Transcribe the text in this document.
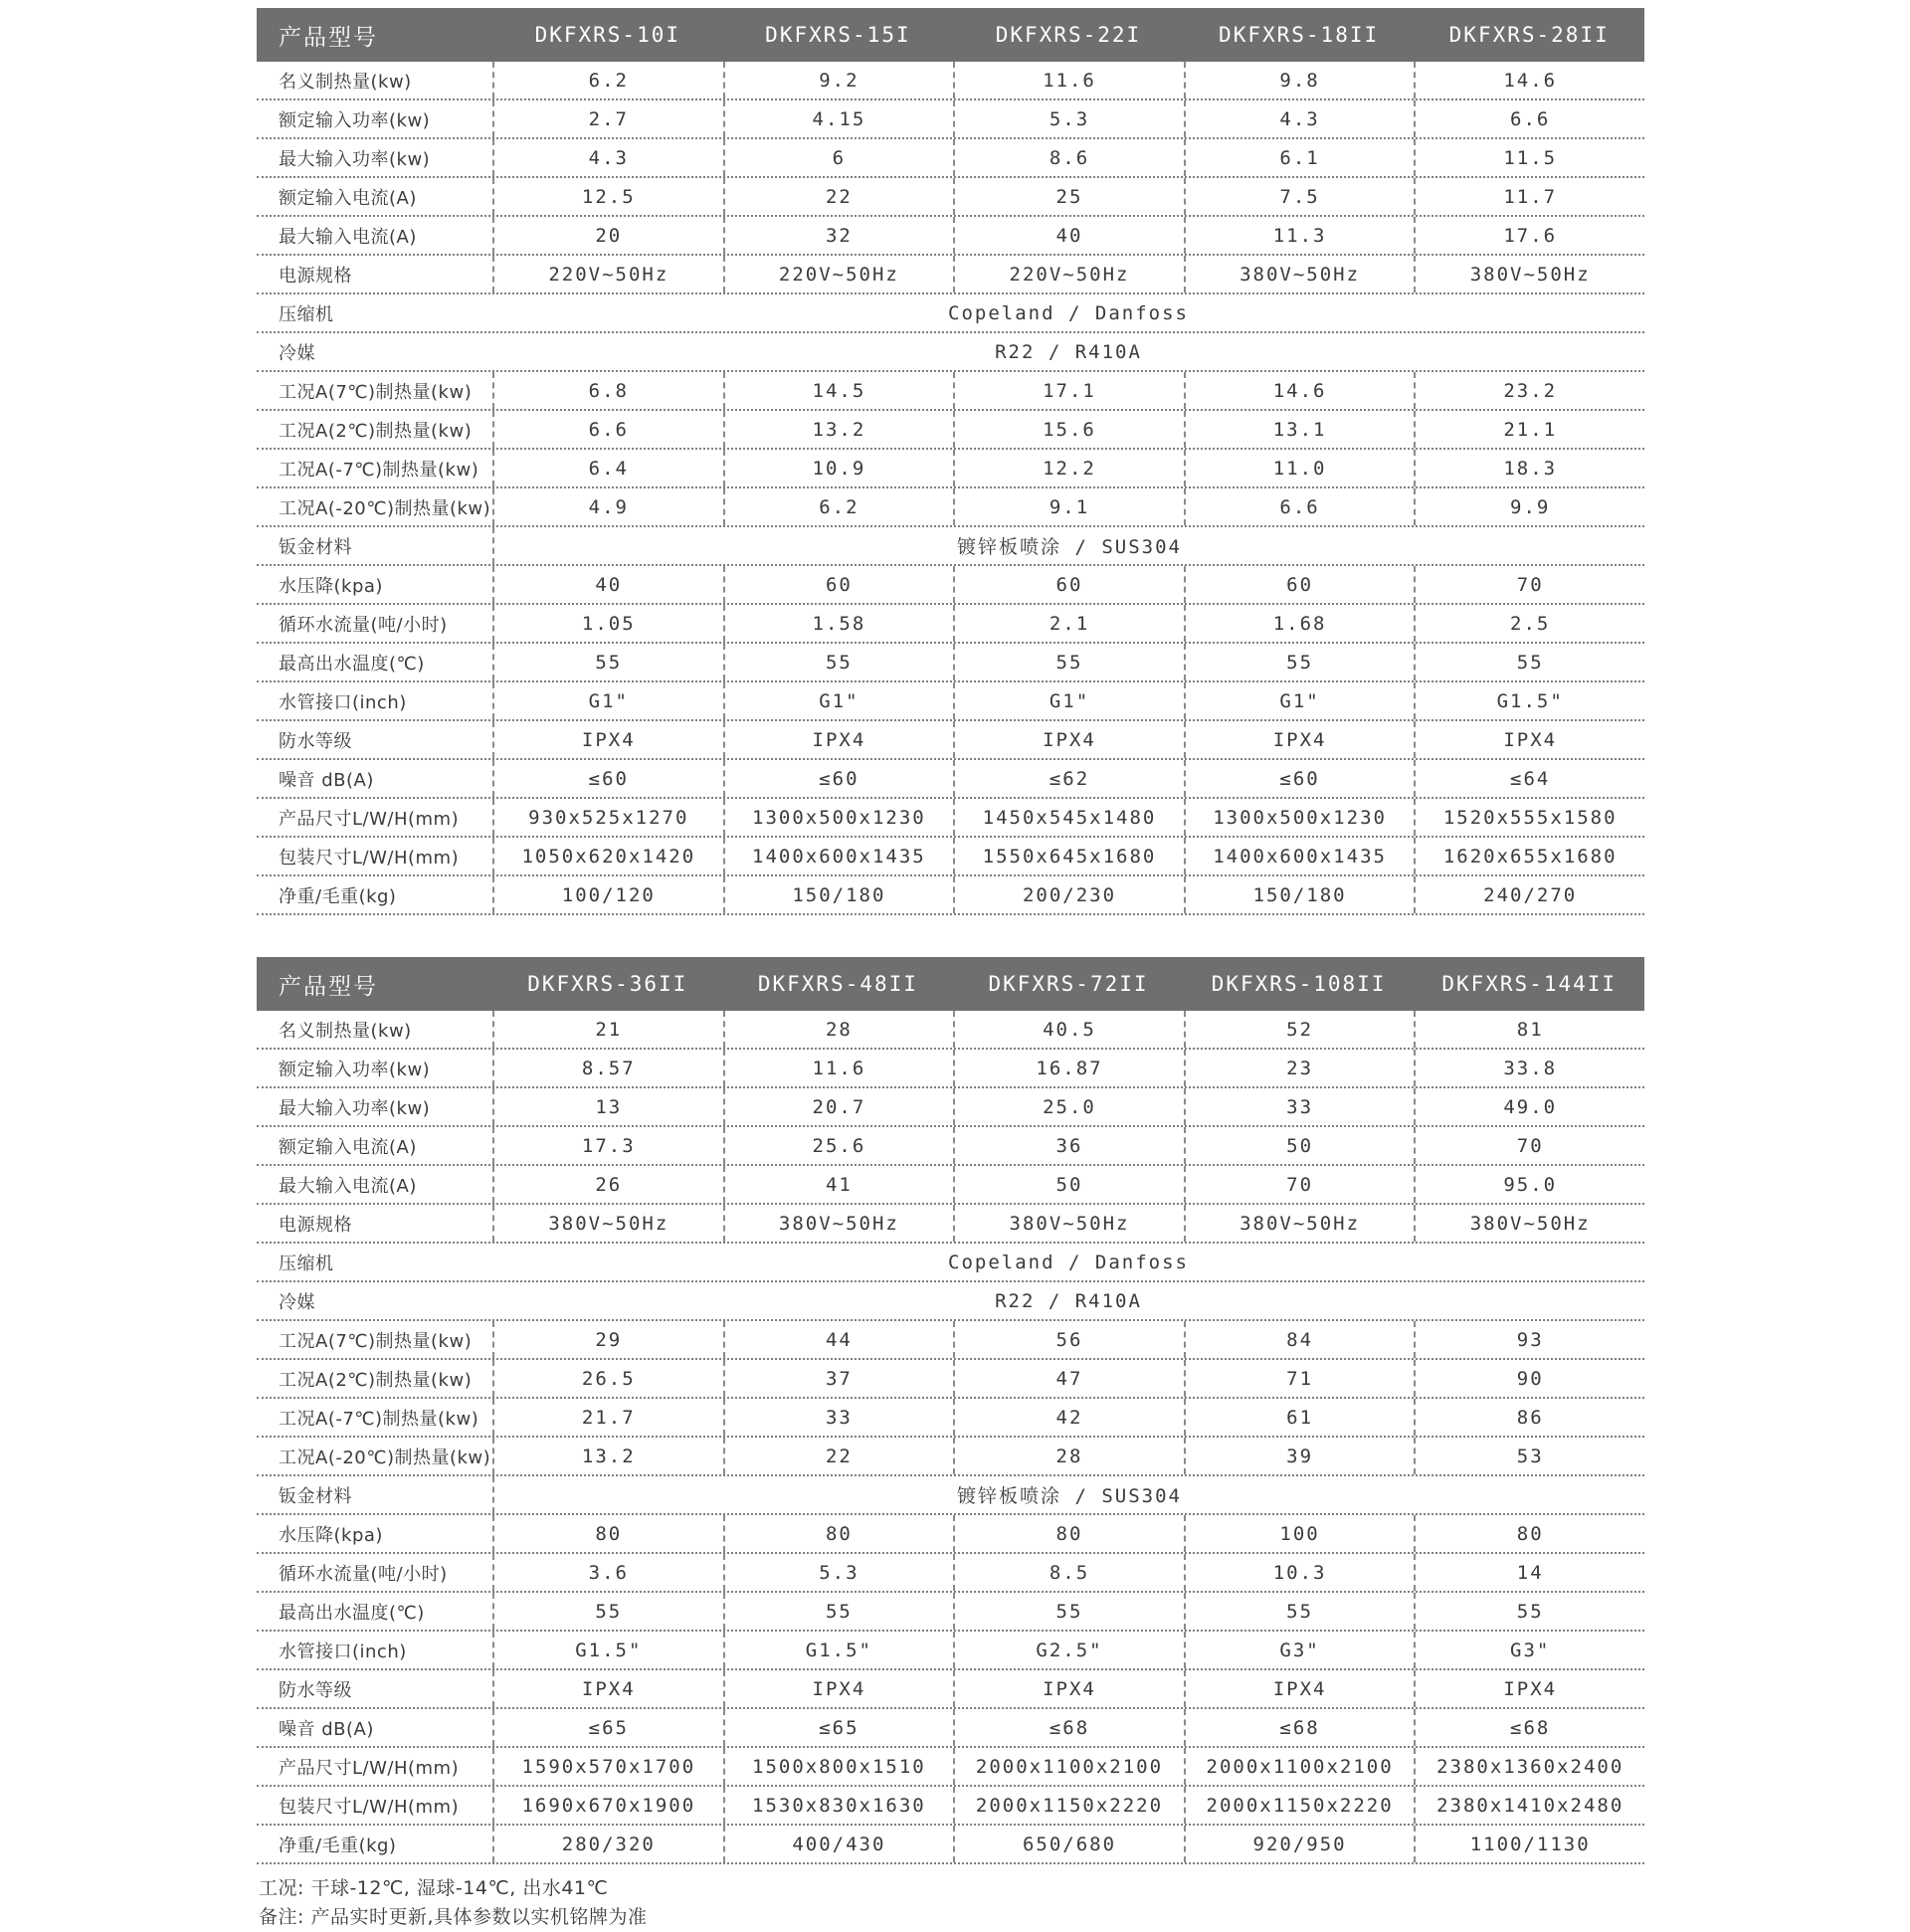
产品型号	DKFXRS-10I	DKFXRS-15I	DKFXRS-22I	DKFXRS-18II	DKFXRS-28II
名义制热量(kw)	6.2	9.2	11.6	9.8	14.6
额定输入功率(kw)	2.7	4.15	5.3	4.3	6.6
最大输入功率(kw)	4.3	6	8.6	6.1	11.5
额定输入电流(A)	12.5	22	25	7.5	11.7
最大输入电流(A)	20	32	40	11.3	17.6
电源规格	220V~50Hz	220V~50Hz	220V~50Hz	380V~50Hz	380V~50Hz
压缩机	Copeland / Danfoss
冷媒	R22 / R410A
工况A(7℃)制热量(kw)	6.8	14.5	17.1	14.6	23.2
工况A(2℃)制热量(kw)	6.6	13.2	15.6	13.1	21.1
工况A(-7℃)制热量(kw)	6.4	10.9	12.2	11.0	18.3
工况A(-20℃)制热量(kw)	4.9	6.2	9.1	6.6	9.9
钣金材料	镀锌板喷涂 / SUS304
水压降(kpa)	40	60	60	60	70
循环水流量(吨/小时)	1.05	1.58	2.1	1.68	2.5
最高出水温度(℃)	55	55	55	55	55
水管接口(inch)	G1"	G1"	G1"	G1"	G1.5"
防水等级	IPX4	IPX4	IPX4	IPX4	IPX4
噪音 dB(A)	≤60	≤60	≤62	≤60	≤64
产品尺寸L/W/H(mm)	930x525x1270	1300x500x1230	1450x545x1480	1300x500x1230	1520x555x1580
包装尺寸L/W/H(mm)	1050x620x1420	1400x600x1435	1550x645x1680	1400x600x1435	1620x655x1680
净重/毛重(kg)	100/120	150/180	200/230	150/180	240/270
产品型号	DKFXRS-36II	DKFXRS-48II	DKFXRS-72II	DKFXRS-108II	DKFXRS-144II
名义制热量(kw)	21	28	40.5	52	81
额定输入功率(kw)	8.57	11.6	16.87	23	33.8
最大输入功率(kw)	13	20.7	25.0	33	49.0
额定输入电流(A)	17.3	25.6	36	50	70
最大输入电流(A)	26	41	50	70	95.0
电源规格	380V~50Hz	380V~50Hz	380V~50Hz	380V~50Hz	380V~50Hz
压缩机	Copeland / Danfoss
冷媒	R22 / R410A
工况A(7℃)制热量(kw)	29	44	56	84	93
工况A(2℃)制热量(kw)	26.5	37	47	71	90
工况A(-7℃)制热量(kw)	21.7	33	42	61	86
工况A(-20℃)制热量(kw)	13.2	22	28	39	53
钣金材料	镀锌板喷涂 / SUS304
水压降(kpa)	80	80	80	100	80
循环水流量(吨/小时)	3.6	5.3	8.5	10.3	14
最高出水温度(℃)	55	55	55	55	55
水管接口(inch)	G1.5"	G1.5"	G2.5"	G3"	G3"
防水等级	IPX4	IPX4	IPX4	IPX4	IPX4
噪音 dB(A)	≤65	≤65	≤68	≤68	≤68
产品尺寸L/W/H(mm)	1590x570x1700	1500x800x1510	2000x1100x2100	2000x1100x2100	2380x1360x2400
包装尺寸L/W/H(mm)	1690x670x1900	1530x830x1630	2000x1150x2220	2000x1150x2220	2380x1410x2480
净重/毛重(kg)	280/320	400/430	650/680	920/950	1100/1130
工况: 干球-12℃, 湿球-14℃, 出水41℃
备注: 产品实时更新,具体参数以实机铭牌为准
